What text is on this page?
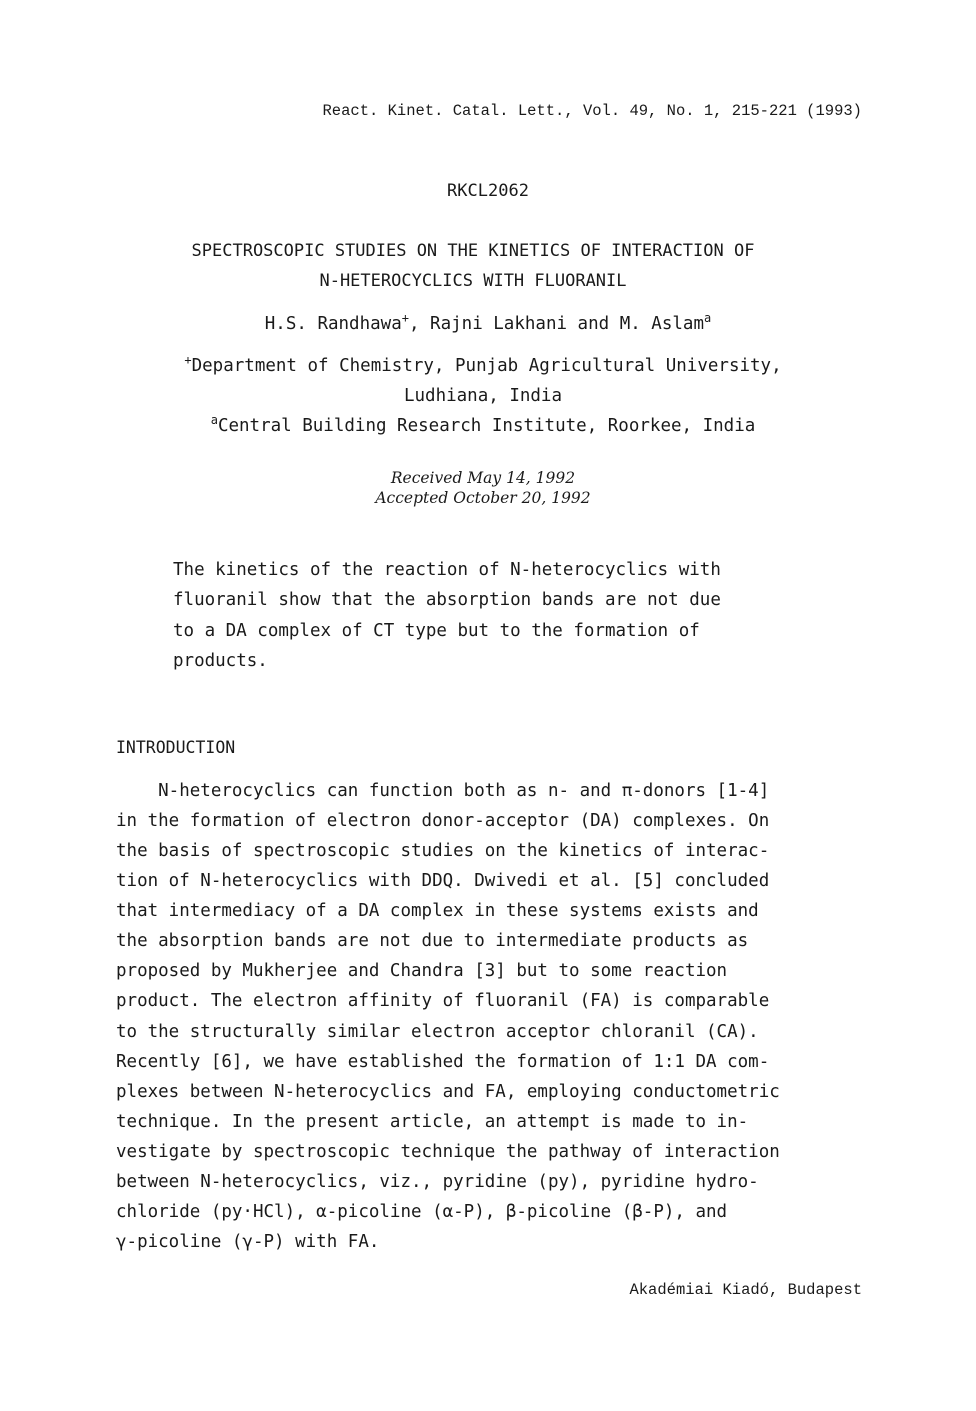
React. Kinet. Catal. Lett., Vol. 49, No. 1, 215-221 (1993)
RKCL2062
SPECTROSCOPIC STUDIES ON THE KINETICS OF INTERACTION OF
N-HETEROCYCLICS WITH FLUORANIL
H.S. Randhawa+, Rajni Lakhani and M. Aslam$^a$
+Department of Chemistry, Punjab Agricultural University,
Ludhiana, India
$^a$Central Building Research Institute, Roorkee, India
Received May 14, 1992
Accepted October 20, 1992
The kinetics of the reaction of N-heterocyclics with
fluoranil show that the absorption bands are not due
to a DA complex of CT type but to the formation of
products.
INTRODUCTION
N-heterocyclics can function both as n- and π-donors [1-4]
in the formation of electron donor-acceptor (DA) complexes. On
the basis of spectroscopic studies on the kinetics of interac-
tion of N-heterocyclics with DDQ. Dwivedi et al. [5] concluded
that intermediacy of a DA complex in these systems exists and
the absorption bands are not due to intermediate products as
proposed by Mukherjee and Chandra [3] but to some reaction
product. The electron affinity of fluoranil (FA) is comparable
to the structurally similar electron acceptor chloranil (CA).
Recently [6], we have established the formation of 1:1 DA com-
plexes between N-heterocyclics and FA, employing conductometric
technique. In the present article, an attempt is made to in-
vestigate by spectroscopic technique the pathway of interaction
between N-heterocyclics, viz., pyridine (py), pyridine hydro-
chloride (py·HCl), α-picoline (α-P), β-picoline (β-P), and
γ-picoline (γ-P) with FA.
Akadémiai Kiadó, Budapest
